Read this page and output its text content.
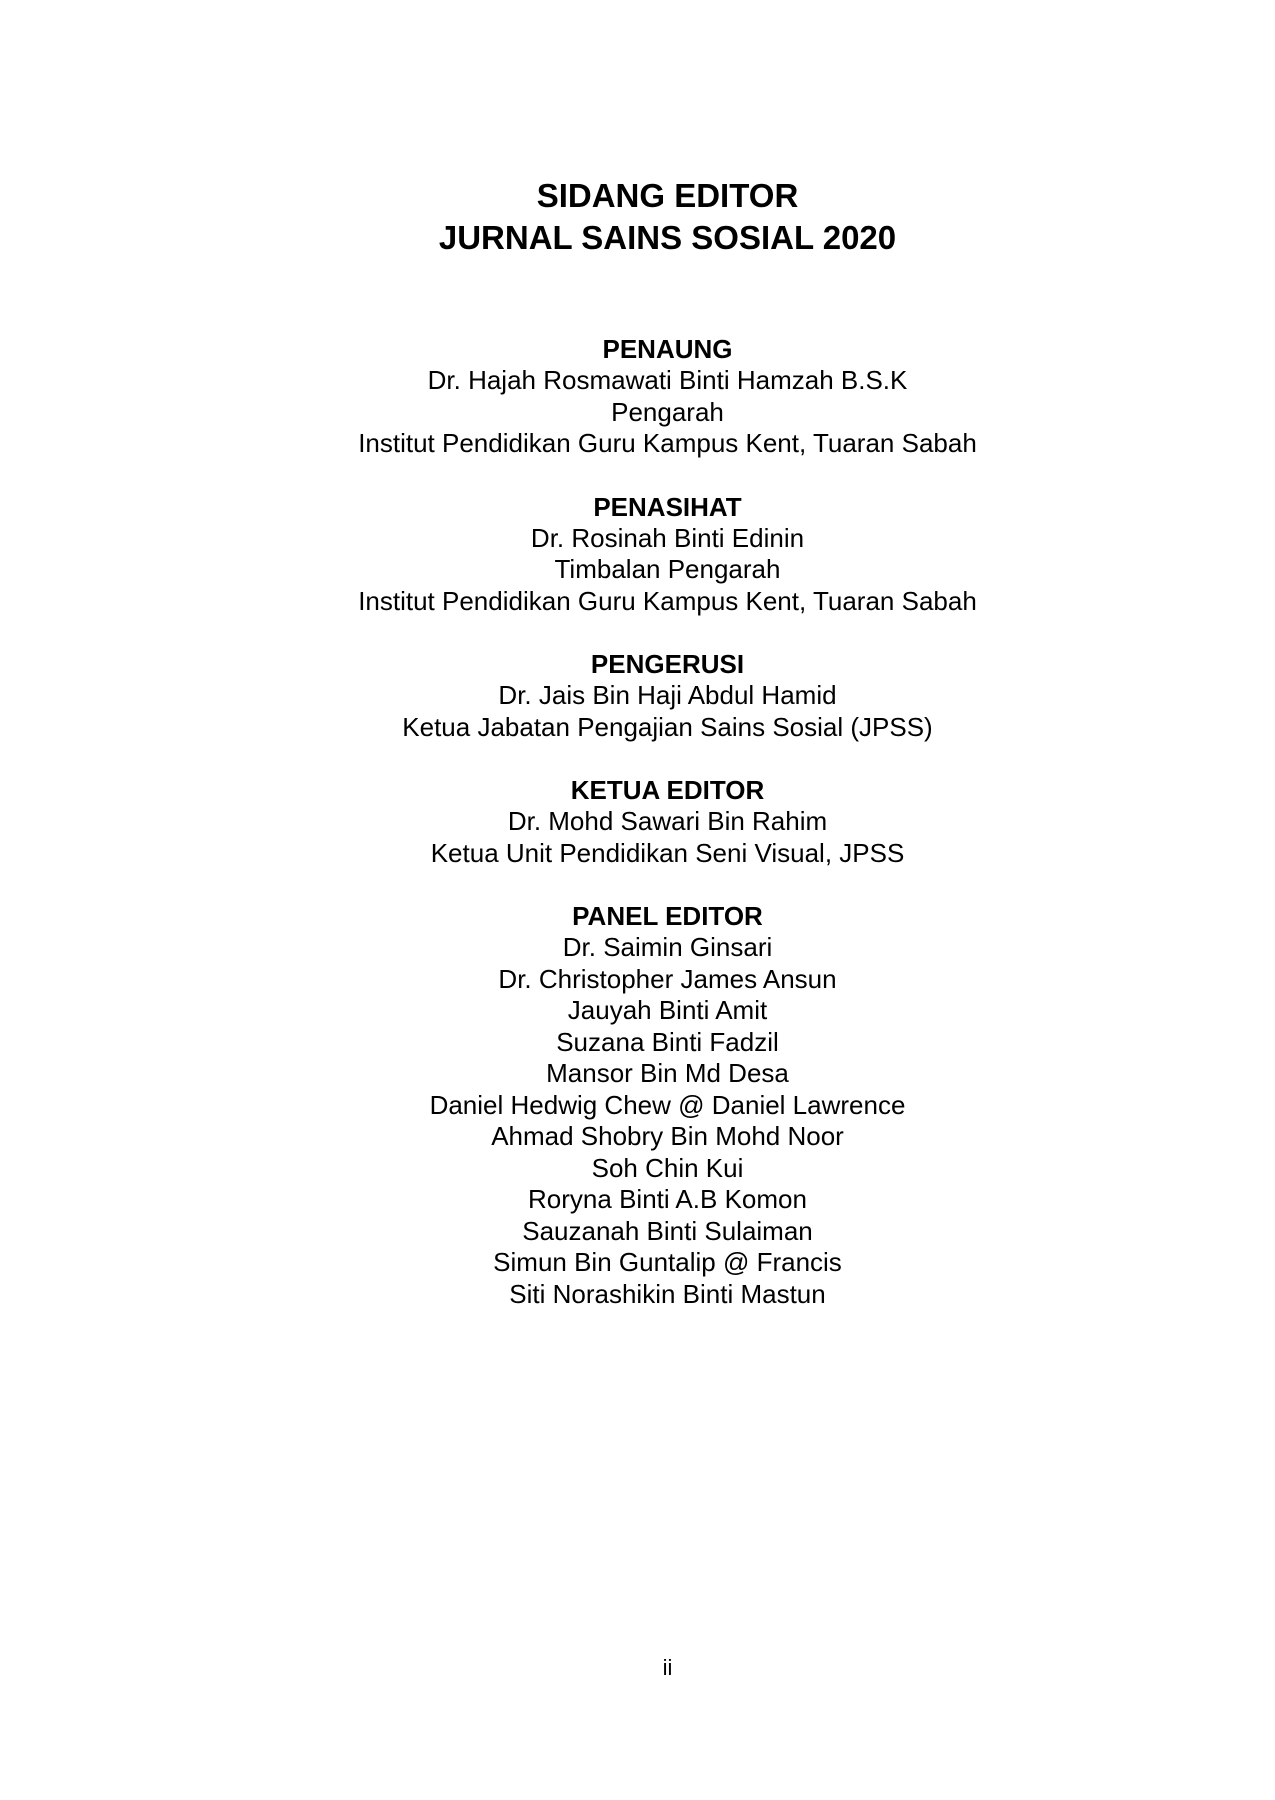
SIDANG EDITOR
JURNAL SAINS SOSIAL 2020
PENAUNG
Dr. Hajah Rosmawati Binti Hamzah B.S.K
Pengarah
Institut Pendidikan Guru Kampus Kent, Tuaran Sabah
PENASIHAT
Dr. Rosinah Binti Edinin
Timbalan Pengarah
Institut Pendidikan Guru Kampus Kent, Tuaran Sabah
PENGERUSI
Dr. Jais Bin Haji Abdul Hamid
Ketua Jabatan Pengajian Sains Sosial (JPSS)
KETUA EDITOR
Dr. Mohd Sawari Bin Rahim
Ketua Unit Pendidikan Seni Visual, JPSS
PANEL EDITOR
Dr. Saimin Ginsari
Dr. Christopher James Ansun
Jauyah Binti Amit
Suzana Binti Fadzil
Mansor Bin Md Desa
Daniel Hedwig Chew @ Daniel Lawrence
Ahmad Shobry Bin Mohd Noor
Soh Chin Kui
Roryna Binti A.B Komon
Sauzanah Binti Sulaiman
Simun Bin Guntalip @ Francis
Siti Norashikin Binti Mastun
ii
